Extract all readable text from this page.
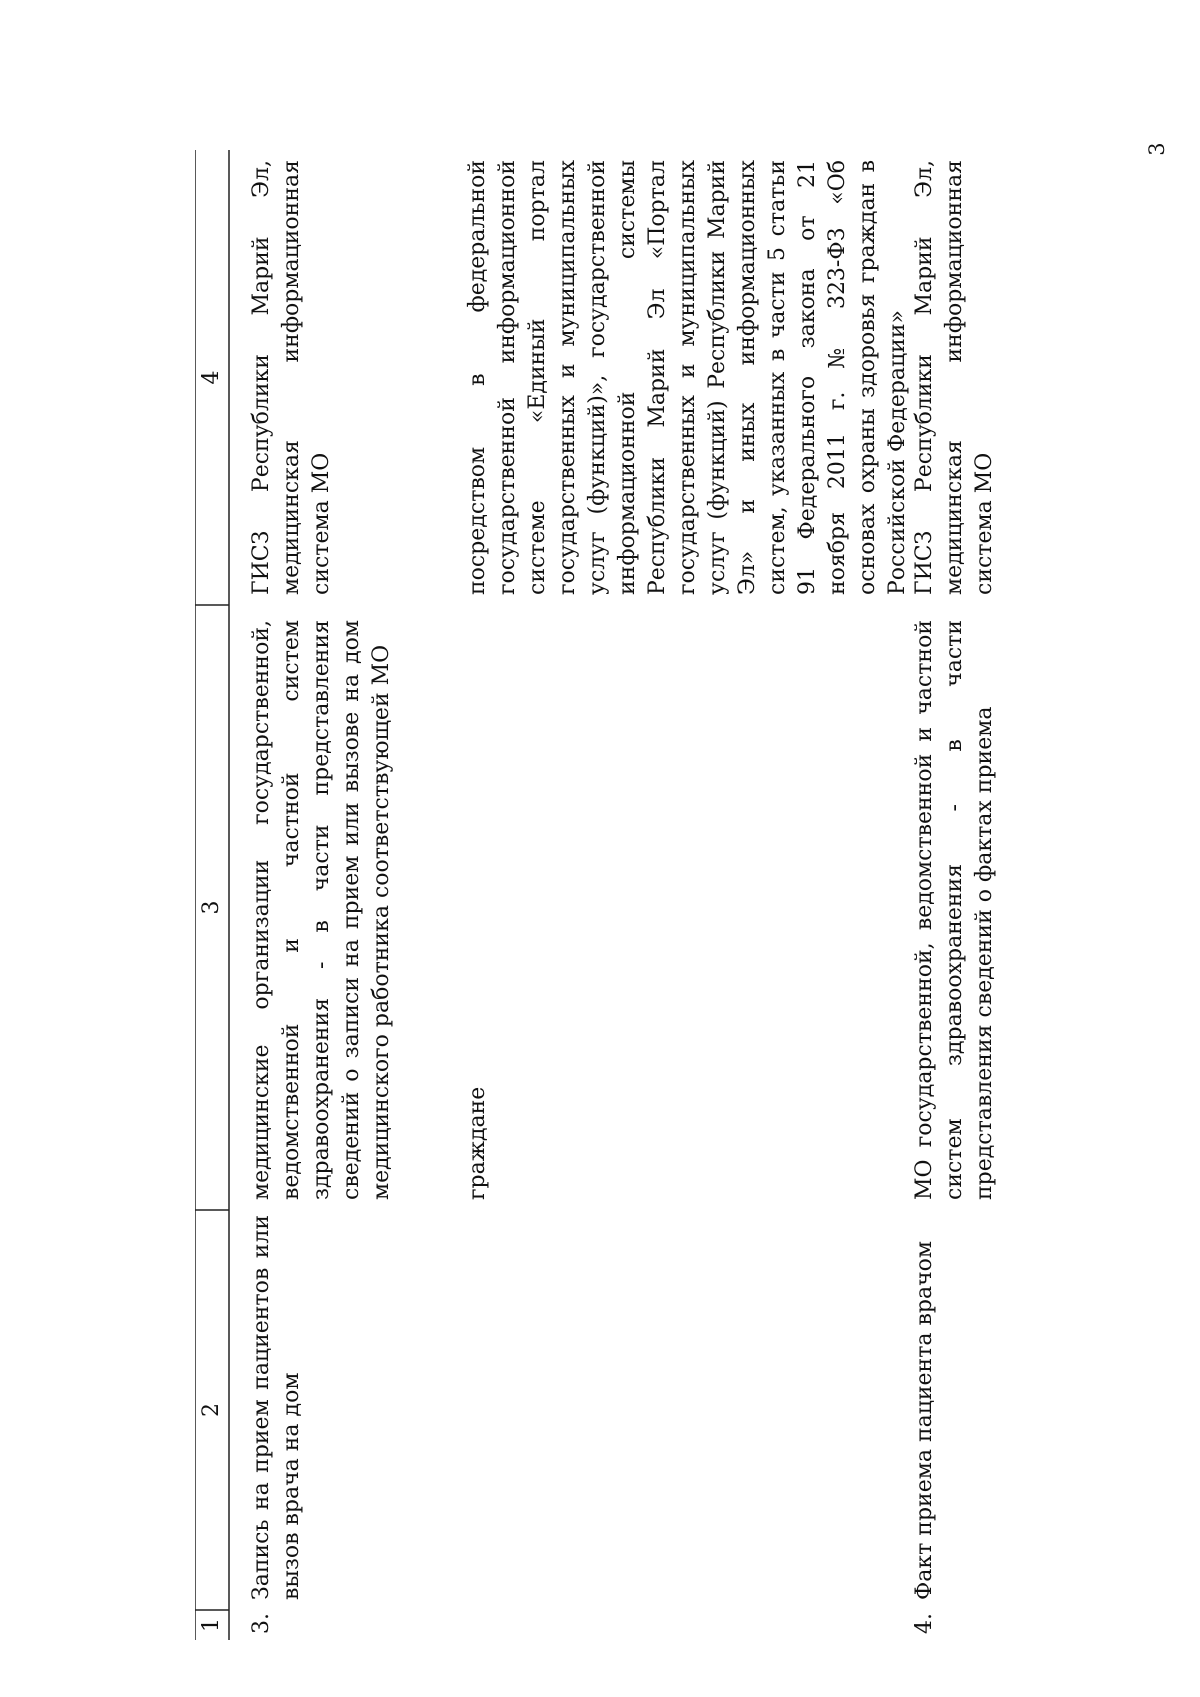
3
1
2
3
4
3.
Запись на прием пациентов или вызов врача на дом
медицинские организации государственной, ведомственной и частной систем здравоохранения - в части представления сведений о записи на прием или вызове на дом медицинского работника соответствующей МО
ГИСЗ Республики Марий Эл, медицинская информационная система МО
граждане
посредством в федеральной государственной информационной системе «Единый портал государственных и муниципальных услуг (функций)», государственной информационной системы Республики Марий Эл «Портал государственных и муниципальных услуг (функций) Республики Марий Эл» и иных информационных систем, указанных в части 5 статьи 91 Федерального закона от 21 ноября 2011 г. № 323-ФЗ «Об основах охраны здоровья граждан в Российской Федерации»
4.
Факт приема пациента врачом
МО государственной, ведомственной и частной систем здравоохранения - в части представления сведений о фактах приема
ГИСЗ Республики Марий Эл, медицинская информационная система МО
